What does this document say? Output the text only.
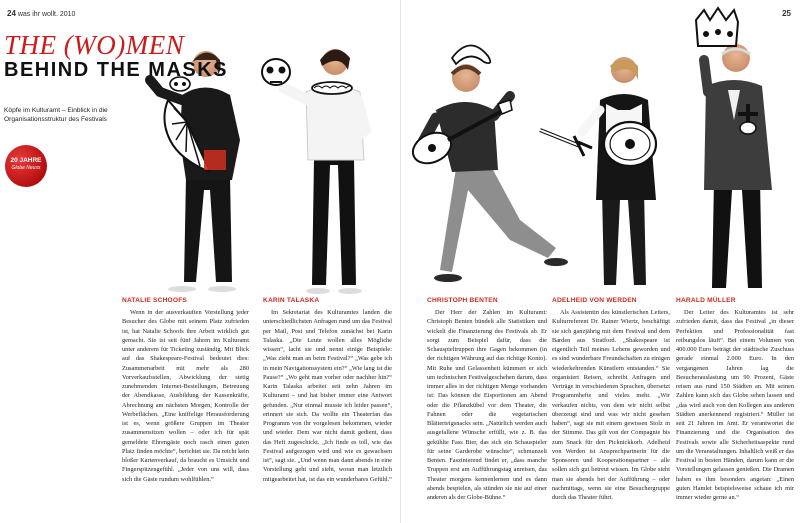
24 was ihr wollt. 2010	25
THE (WO)MEN
BEHIND THE MASKS
Köpfe im Kulturamt – Einblick in die Organisationsstruktur des Festivals
20 JAHRE
Globe Neuss
NATALIE SCHOOFS

Wenn in der ausverkauften Vorstellung jeder Besucher des Globe mit seinem Platz zufrieden ist, hat Natalie Schoofs ihre Arbeit wirklich gut gemacht. Sie ist seit fünf Jahren im Kulturamt unter anderem für Ticketing zuständig. Mit Blick auf das Shakespeare-Festival bedeutet dies: Zusammenarbeit mit mehr als 280 Vorverkaufsstellen, Abwicklung der stetig zunehmenden Internet-Bestellungen, Betreuung der Abendkasse, Ausbildung der Kassenkräfte, Abrechnung am nächsten Morgen, Kontrolle der Werbeflächen. „Eine kniffelige Herausforderung ist es, wenn größere Gruppen im Theater zusammensitzen wollen – oder ich für spät gemeldete Ehrengäste noch rasch einen guten Platz finden möchte“, berichtet sie. Da reicht kein bloßer Kartenverkauf, da braucht es Umsicht und Fingerspitzengefühl. „Jeder von uns will, dass sich die Gäste rundum wohlfühlen.“

KARIN TALASKA

Im Sekretariat des Kulturamtes landen die unterschiedlichsten Anfragen rund um das Festival per Mail, Post und Telefon zunächst bei Karin Talaska. „Die Leute wollen alles Mögliche wissen“, lacht sie und nennt einige Beispiele: „Was zieht man an beim Festival?“ „Was gebe ich in mein Navigationssystem ein?“ „Wie lang ist die Pause?“ „Wo geht man vorher oder nachher hin?“ Karin Talaska arbeitet seit zehn Jahren im Kulturamt – und hat bisher immer eine Antwort gefunden. „Nur einmal musste ich leider passen“, erinnert sie sich. Da wollte ein Theaterfan das Programm von ihr vorgelesen bekommen, wieder und wieder. Dem war nicht damit gedient, dass das Heft zugeschickt. „Ich finde es toll, wie das Festival aufgezogen wird und wie es gewachsen ist“, sagt sie. „Und wenn man dann abends in eine Vorstellung geht und sieht, woran man letztlich mitgearbeitet hat, ist das ein wunderbares Gefühl.“

CHRISTOPH BENTEN

Der Herr der Zahlen im Kulturamt: Christoph Benten bündelt alle Statistiken und wickelt die Finanzierung des Festivals ab. Er sorgt zum Beispiel dafür, dass die Schauspieltruppen ihre Gagen bekommen (in der richtigen Währung auf das richtige Konto). Mit Ruhe und Gelassenheit kümmert er sich um technischen Festivalgeschehen darum, dass immer alles in der richtigen Menge vorhanden ist: Das können die Eisportionen am Abend oder die Pflanzkübel vor dem Theater, die Fahnen oder die vegetarischen Blätterteigsnacks sein. „Natürlich werden auch ausgefallene Wünsche erfüllt, wie z. B. das gekühlte Fass Bier, das sich ein Schauspieler für seine Garderobe wünschte“, schmunzelt Benten. Faszinierend findet er, „dass manche Truppen erst am Aufführungstag anreisen, das Theater morgens kennenlernen und es dann abends bespielen, als stünden sie nie auf einer anderen als der Globe-Bühne.“

ADELHEID VON WERDEN

Als Assistentin des künstlerischen Leiters, Kulturreferent Dr. Rainer Wiertz, beschäftigt sie sich ganzjährig mit dem Festival und dem Barden aus Stratford. „Shakespeare ist eigentlich Teil meines Lebens geworden und es sind wunderbare Freundschaften zu einigen wiederkehrenden Künstlern entstanden.“ Sie organisiert Reisen, schreibt Anfragen und Verträge in verschiedenen Sprachen, übersetzt Programmhefte und vieles mehr. „Wir verkaufen nichts, von dem wir nicht selbst überzeugt sind und was wir nicht gesehen haben“, sagt sie mit einem gewissen Stolz in der Stimme. Das gilt von der Compagnie bis zum Snack für den Picknickkorb. Adelheid von Werden ist Ansprechpartnerin für die Sponsoren und Kooperationspartner – alle sollen sich gut betreut wissen. Im Globe sieht man sie abends bei der Aufführung – oder nachmittags, wenn sie eine Besuchergruppe durch das Theater führt.

HARALD MÜLLER

Der Leiter des Kulturamtes ist sehr zufrieden damit, dass das Festival „in dieser Perfektion und Professionalität fast reibungslos läuft“. Bei einem Volumen von 400.000 Euro beträgt der städtische Zuschuss gerade einmal 2.000 Euro. In den vergangenen Jahren lag die Besucherauslastung um 90 Prozent, Gäste reisen aus rund 150 Städten an. Mit seinen Zahlen kann sich das Globe sehen lassen und „das wird auch von den Kollegen aus anderen Städten anerkennend registriert.“ Müller ist seit 21 Jahren im Amt. Er verantwortet die Finanzierung und die Organisation des Festivals sowie alle Sicherheitsaspekte rund um die Veranstaltungen. Inhaltlich weiß er das Festival in besten Händen, darum kann er die Vorstellungen gelassen genießen. Die Dramen haben es ihm besonders angetan: „Einen guten Hamlet beispielsweise schaue ich mir immer wieder gerne an.“
